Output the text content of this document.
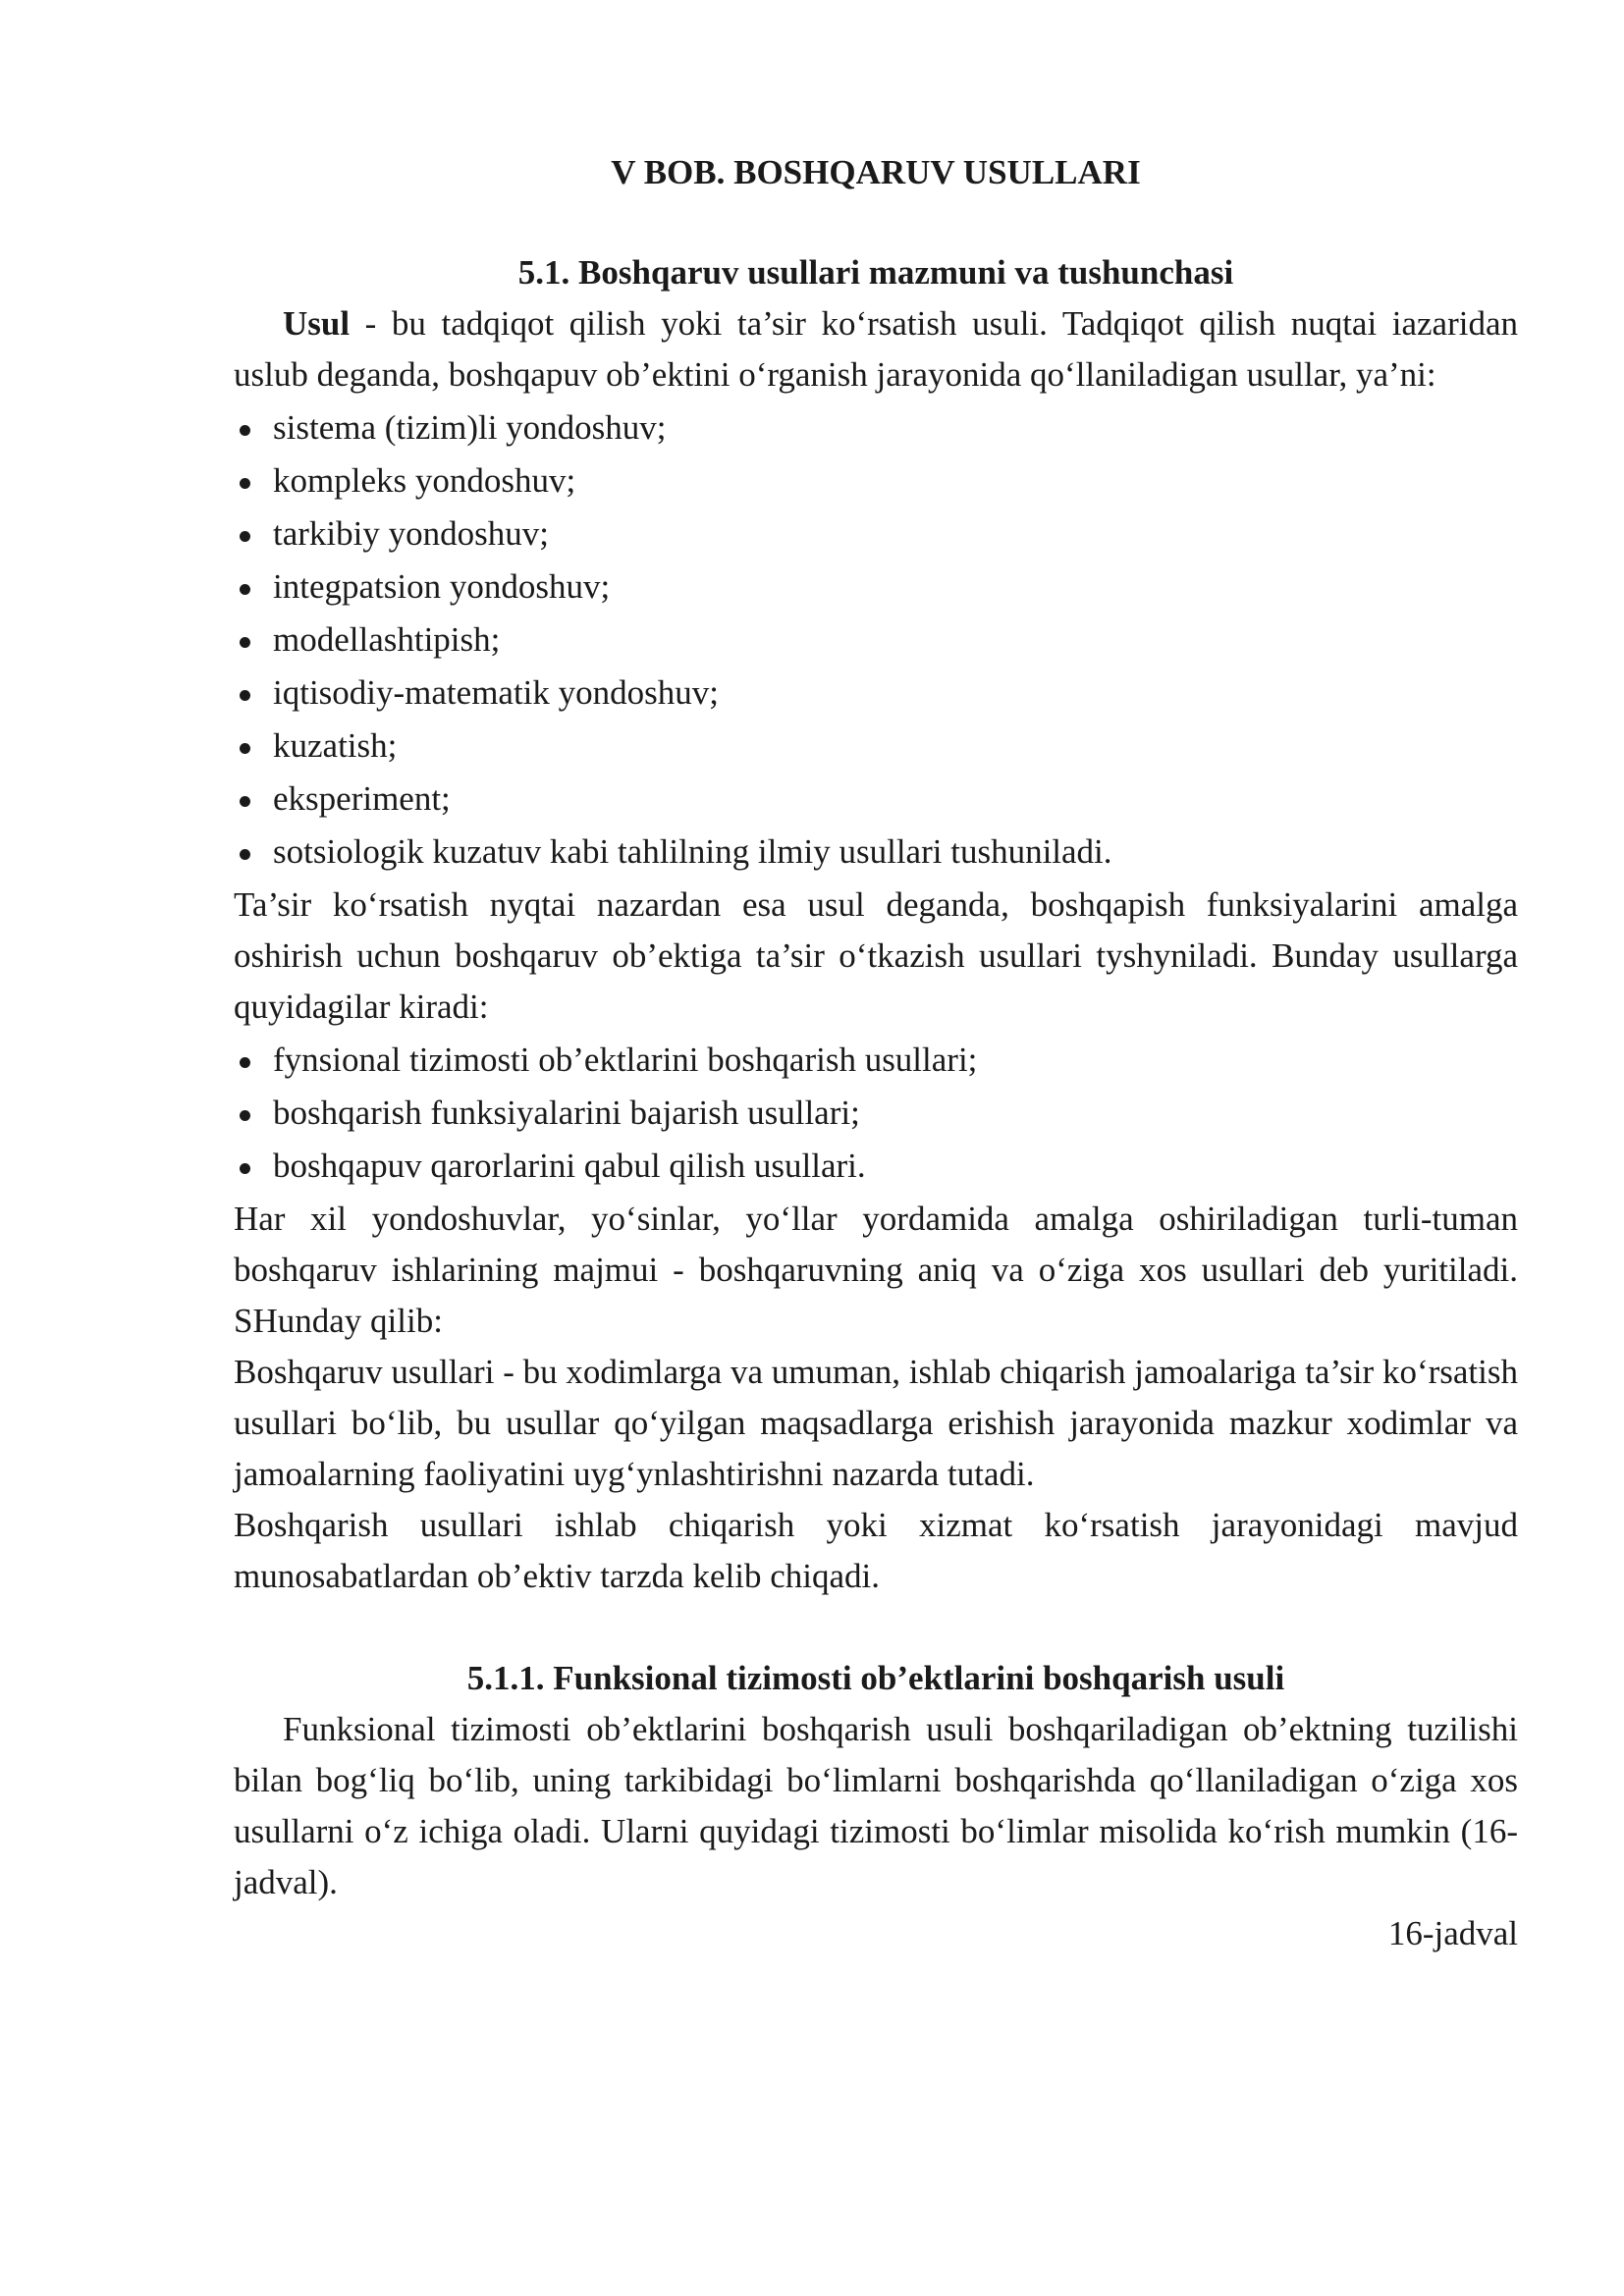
V BOB. BOSHQARUV USULLARI
5.1. Boshqaruv usullari mazmuni va tushunchasi

Usul - bu tadqiqot qilish yoki ta’sir ko‘rsatish usuli. Tadqiqot qilish nuqtai iazaridan uslub deganda, boshqapuv ob’ektini o‘rganish jarayonida qo‘llaniladigan usullar, ya’ni:

sistema (tizim)li yondoshuv;
kompleks yondoshuv;
tarkibiy yondoshuv;
integpatsion yondoshuv;
modellashtipish;
iqtisodiy-matematik yondoshuv;
kuzatish;
eksperiment;
sotsiologik kuzatuv kabi tahlilning ilmiy usullari tushuniladi.

Ta’sir ko‘rsatish nyqtai nazardan esa usul deganda, boshqapish funksiyalarini amalga oshirish uchun boshqaruv ob’ektiga ta’sir o‘tkazish usullari tyshyniladi. Bunday usullarga quyidagilar kiradi:

fynsional tizimosti ob’ektlarini boshqarish usullari;
boshqarish funksiyalarini bajarish usullari;
boshqapuv qarorlarini qabul qilish usullari.

Har xil yondoshuvlar, yo‘sinlar, yo‘llar yordamida amalga oshiriladigan turli-tuman boshqaruv ishlarining majmui - boshqaruvning aniq va o‘ziga xos usullari deb yuritiladi. SHunday qilib:

Boshqaruv usullari - bu xodimlarga va umuman, ishlab chiqarish jamoalariga ta’sir ko‘rsatish usullari bo‘lib, bu usullar qo‘yilgan maqsadlarga erishish jarayonida mazkur xodimlar va jamoalarning faoliyatini uyg‘ynlashtirishni nazarda tutadi.

Boshqarish usullari ishlab chiqarish yoki xizmat ko‘rsatish jarayonidagi mavjud munosabatlardan ob’ektiv tarzda kelib chiqadi.

5.1.1. Funksional tizimosti ob’ektlarini boshqarish usuli

Funksional tizimosti ob’ektlarini boshqarish usuli boshqariladigan ob’ektning tuzilishi bilan bog‘liq bo‘lib, uning tarkibidagi bo‘limlarni boshqarishda qo‘llaniladigan o‘ziga xos usullarni o‘z ichiga oladi. Ularni quyidagi tizimosti bo‘limlar misolida ko‘rish mumkin (16-jadval).

16-jadval
